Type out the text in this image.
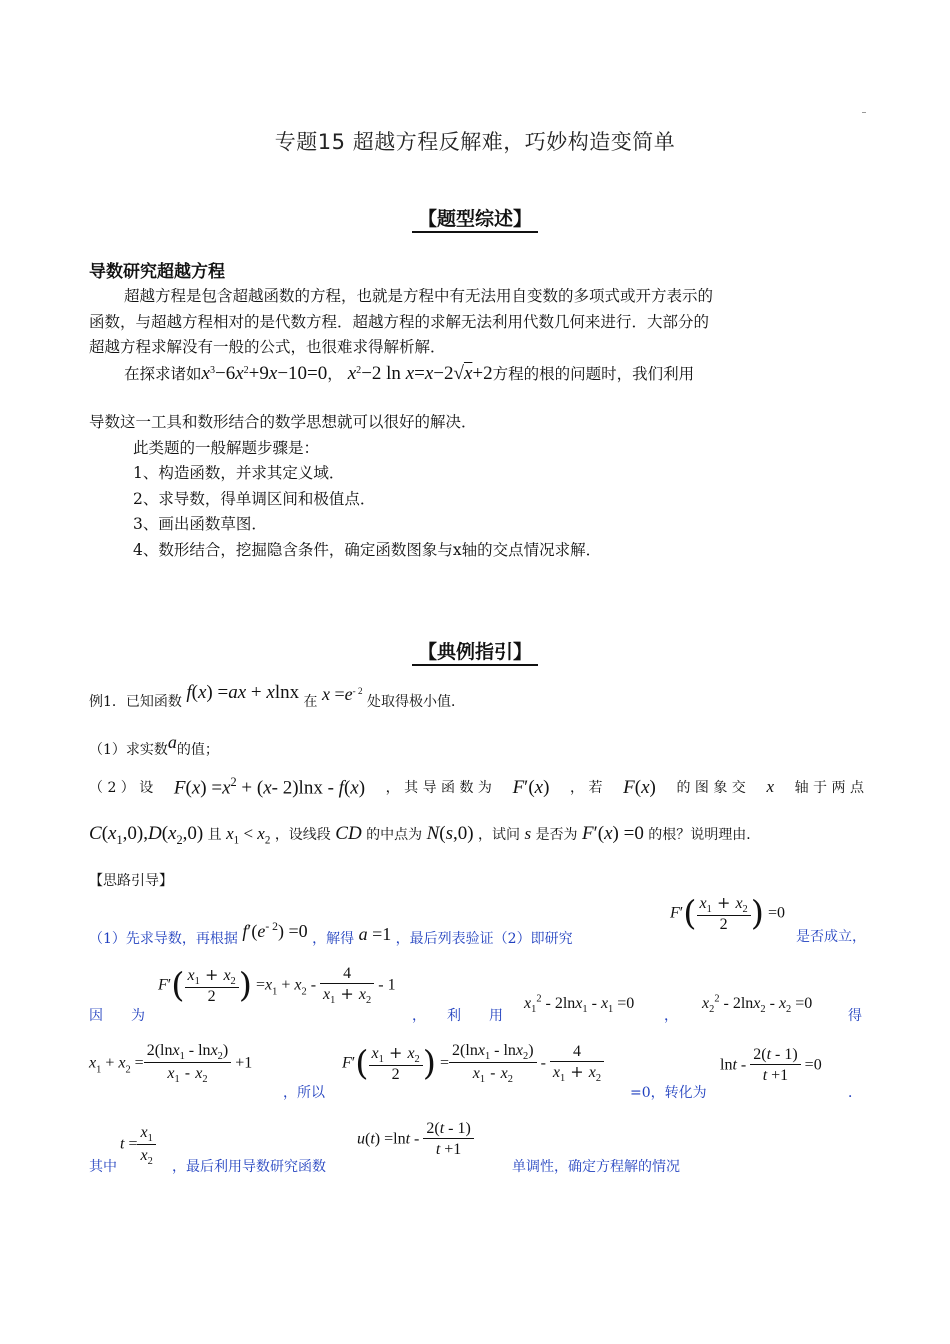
专题15 超越方程反解难，巧妙构造变简单
【题型综述】
导数研究超越方程
超越方程是包含超越函数的方程，也就是方程中有无法用自变数的多项式或开方表示的
函数，与超越方程相对的是代数方程．超越方程的求解无法利用代数几何来进行．大部分的
超越方程求解没有一般的公式，也很难求得解析解．
在探求诸如$x^3-6x^2+9x-10=0$， $x^2-2$ ln x=x−2√x+2方程的根的问题时，我们利用
导数这一工具和数形结合的数学思想就可以很好的解决．
此类题的一般解题步骤是：
1、构造函数，并求其定义域．
2、求导数，得单调区间和极值点．
3、画出函数草图．
4、数形结合，挖掘隐含条件，确定函数图象与x轴的交点情况求解．
【典例指引】
例1．已知函数 f(x) =ax + xlnx 在 $x =e^{- 2}$ 处取得极小值．
（1）求实数a的值；
（ 2 ） 设 $F(x) =x^2 + (x-$ 2)lnx - f(x) ， 其 导 函 数 为 F′(x) ， 若 F(x) 的 图 象 交 x 轴 于 两 点
$C(x_1,0),D(x_2,0)$ 且 $x_1 < x_2$ ，设线段 CD 的中点为 N(s,0) ，试问 s 是否为 F′(x) =0 的根？说明理由．
【思路引导】
（1）先求导数，再根据 $f'(e^{- 2}) =0$ ，解得 a =1 ，最后列表验证（2）即研究
$F'( \frac{x_1 + x_2}{2}$ ) =0
是否成立，
因　　为
$F'( \frac{x_1 + x_2}{2}$ ) $=x_1 + x_2 - \frac{4}{x_1 + x_2} - 1$
，　　利　　用
$x_1^2 - 2\ln x_1 - x_1 =0$
，
$x_2^2 - 2\ln x_2 - x_2 =0$
得
$x_1 + x_2 = \frac{2(\ln x_1 - \ln x_2)}{x_1 - x_2} +1$
，所以
$F'( \frac{x_1 + x_2}{2}$ ) = $\frac{2(\ln x_1 - \ln x_2)}{x_1 - x_2} - \frac{4}{x_1 + x_2}$
=0，转化为
$\ln t - \frac{2(t - 1)}{t +1} =0$
．
其中
$t = \frac{x_1}{x_2}$ ，最后利用导数研究函数
$u(t) =\ln t - \frac{2(t - 1)}{t +1}$
单调性，确定方程解的情况
